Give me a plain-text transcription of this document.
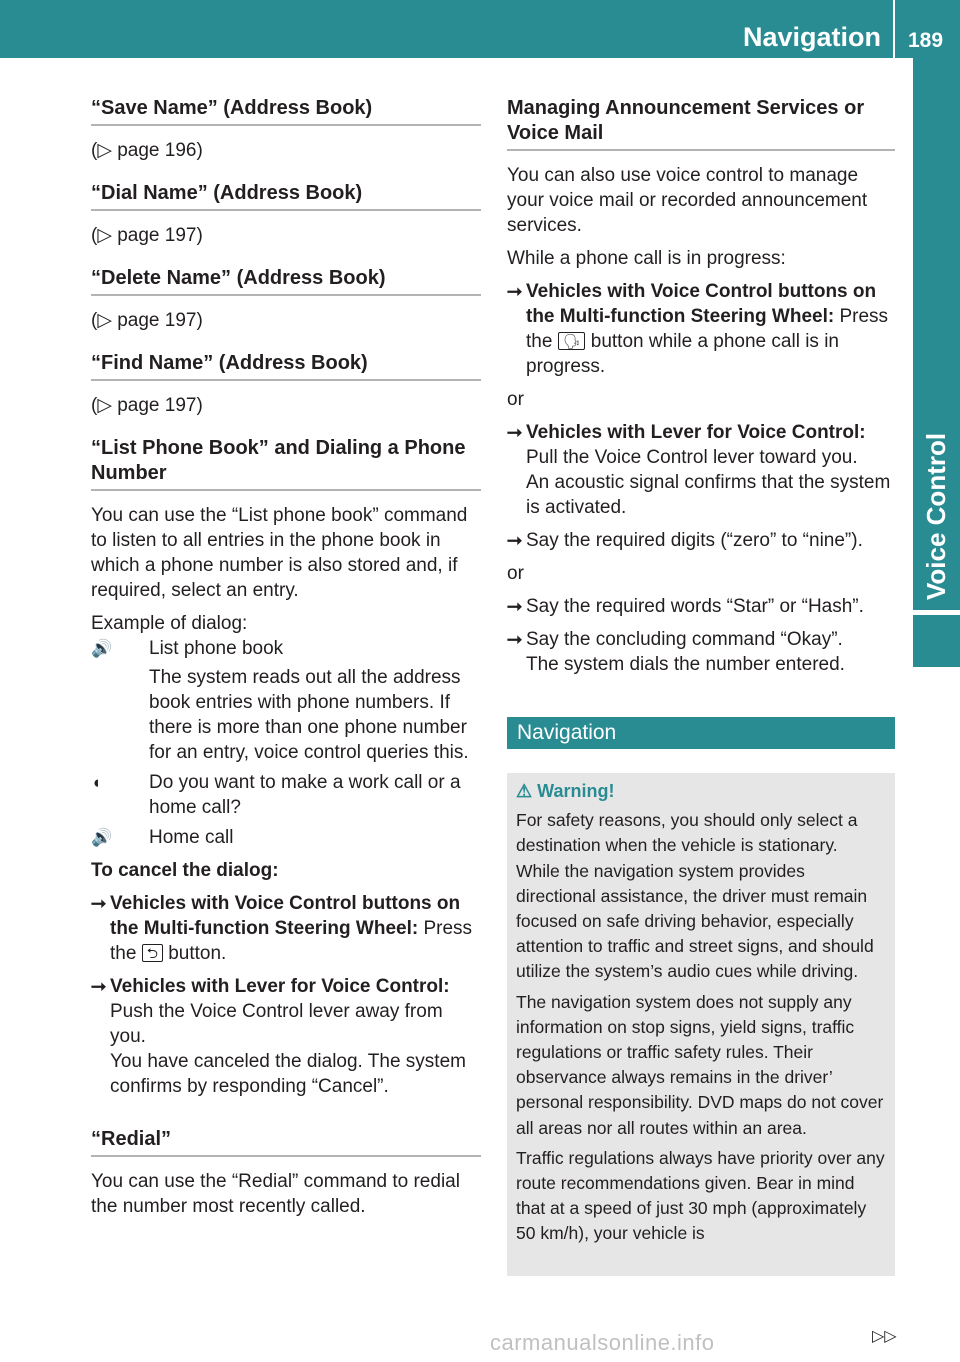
Navigation 189
Voice Control
“Save Name” (Address Book)
(▷ page 196)
“Dial Name” (Address Book)
(▷ page 197)
“Delete Name” (Address Book)
(▷ page 197)
“Find Name” (Address Book)
(▷ page 197)
“List Phone Book” and Dialing a Phone Number
You can use the “List phone book” command to listen to all entries in the phone book in which a phone number is also stored and, if required, select an entry.
Example of dialog:
🔊	List phone book
The system reads out all the address book entries with phone numbers. If there is more than one phone number for an entry, voice control queries this.
◖	Do you want to make a work call or a home call?
🔊	Home call
To cancel the dialog:
⭢ Vehicles with Voice Control buttons on the Multi-function Steering Wheel: Press the ⮌ button.
⭢ Vehicles with Lever for Voice Control:
Push the Voice Control lever away from you.
You have canceled the dialog. The system confirms by responding “Cancel”.
“Redial”
You can use the “Redial” command to redial the number most recently called.
Managing Announcement Services or Voice Mail
You can also use voice control to manage your voice mail or recorded announcement services.
While a phone call is in progress:
⭢ Vehicles with Voice Control buttons on the Multi-function Steering Wheel: Press the 🗣 button while a phone call is in progress.
or
⭢ Vehicles with Lever for Voice Control:
Pull the Voice Control lever toward you.
An acoustic signal confirms that the system is activated.
⭢ Say the required digits (“zero” to “nine”).
or
⭢ Say the required words “Star” or “Hash”.
⭢ Say the concluding command “Okay”.
The system dials the number entered.
Navigation
⚠︎ Warning!

For safety reasons, you should only select a destination when the vehicle is stationary. While the navigation system provides directional assistance, the driver must remain focused on safe driving behavior, especially attention to traffic and street signs, and should utilize the system’s audio cues while driving.

The navigation system does not supply any information on stop signs, yield signs, traffic regulations or traffic safety rules. Their observance always remains in the driver’ personal responsibility. DVD maps do not cover all areas nor all routes within an area.

Traffic regulations always have priority over any route recommendations given. Bear in mind that at a speed of just 30 mph (approximately 50 km/h), your vehicle is

▷▷
carmanualsonline.info
